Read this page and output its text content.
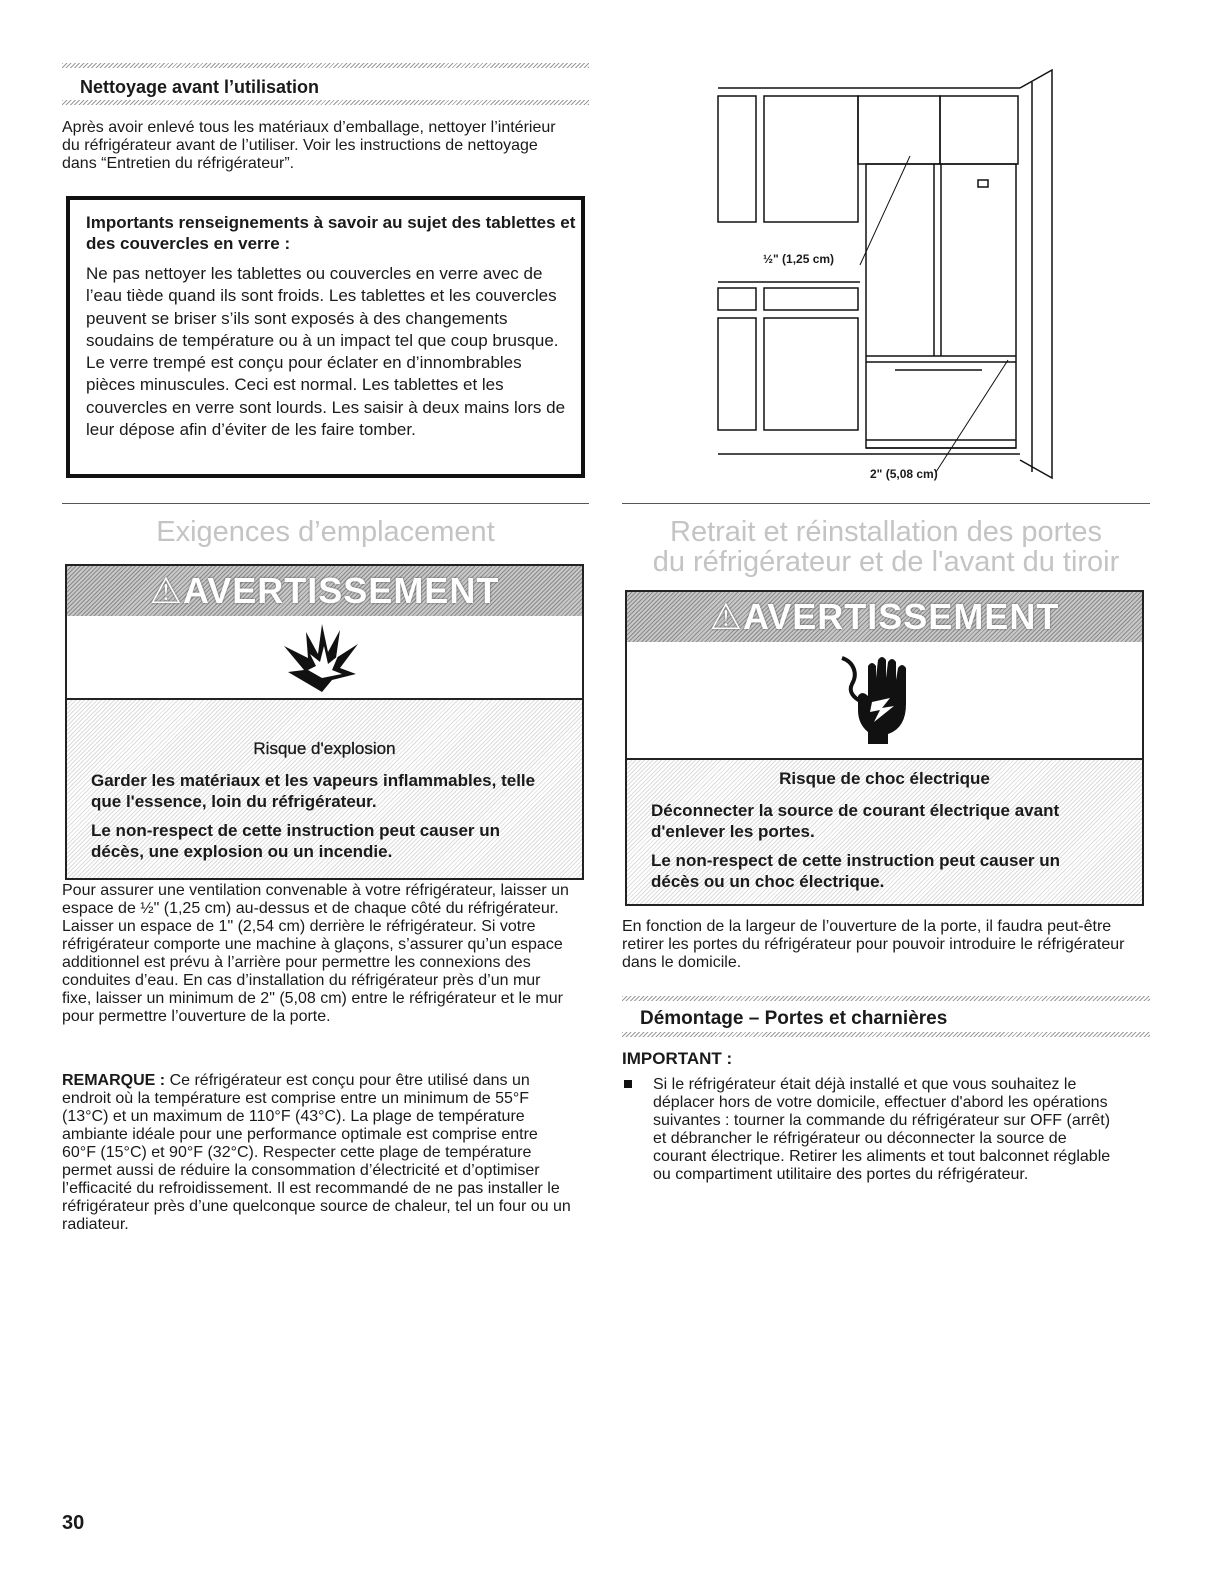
Nettoyage avant l’utilisation
Après avoir enlevé tous les matériaux d’emballage, nettoyer l’intérieur du réfrigérateur avant de l’utiliser. Voir les instructions de nettoyage dans “Entretien du réfrigérateur”.
Importants renseignements à savoir au sujet des tablettes et des couvercles en verre :
Ne pas nettoyer les tablettes ou couvercles en verre avec de l’eau tiède quand ils sont froids. Les tablettes et les couvercles peuvent se briser s’ils sont exposés à des changements soudains de température ou à un impact tel que coup brusque. Le verre trempé est conçu pour éclater en d’innombrables pièces minuscules. Ceci est normal. Les tablettes et les couvercles en verre sont lourds. Les saisir à deux mains lors de leur dépose afin d’éviter de les faire tomber.
½" (1,25 cm)
2" (5,08 cm)
Exigences d’emplacement
⚠AVERTISSEMENT
Risque d'explosion
Garder les matériaux et les vapeurs inflammables, telle que l'essence, loin du réfrigérateur.
Le non-respect de cette instruction peut causer un décès, une explosion ou un incendie.
Pour assurer une ventilation convenable à votre réfrigérateur, laisser un espace de ½" (1,25 cm) au-dessus et de chaque côté du réfrigérateur. Laisser un espace de 1" (2,54 cm) derrière le réfrigérateur. Si votre réfrigérateur comporte une machine à glaçons, s’assurer qu’un espace additionnel est prévu à l’arrière pour permettre les connexions des conduites d’eau. En cas d’installation du réfrigérateur près d’un mur fixe, laisser un minimum de 2" (5,08 cm) entre le réfrigérateur et le mur pour permettre l’ouverture de la porte.
REMARQUE : Ce réfrigérateur est conçu pour être utilisé dans un endroit où la température est comprise entre un minimum de 55°F (13°C) et un maximum de 110°F (43°C). La plage de température ambiante idéale pour une performance optimale est comprise entre 60°F (15°C) et 90°F (32°C). Respecter cette plage de température permet aussi de réduire la consommation d’électricité et d’optimiser l’efficacité du refroidissement. Il est recommandé de ne pas installer le réfrigérateur près d’une quelconque source de chaleur, tel un four ou un radiateur.
Retrait et réinstallation des portes
du réfrigérateur et de l'avant du tiroir
⚠AVERTISSEMENT
Risque de choc électrique
Déconnecter la source de courant électrique avant d'enlever les portes.
Le non-respect de cette instruction peut causer un décès ou un choc électrique.
En fonction de la largeur de l’ouverture de la porte, il faudra peut-être retirer les portes du réfrigérateur pour pouvoir introduire le réfrigérateur dans le domicile.
Démontage – Portes et charnières
IMPORTANT :
Si le réfrigérateur était déjà installé et que vous souhaitez le déplacer hors de votre domicile, effectuer d'abord les opérations suivantes : tourner la commande du réfrigérateur sur OFF (arrêt) et débrancher le réfrigérateur ou déconnecter la source de courant électrique. Retirer les aliments et tout balconnet réglable ou compartiment utilitaire des portes du réfrigérateur.
30
